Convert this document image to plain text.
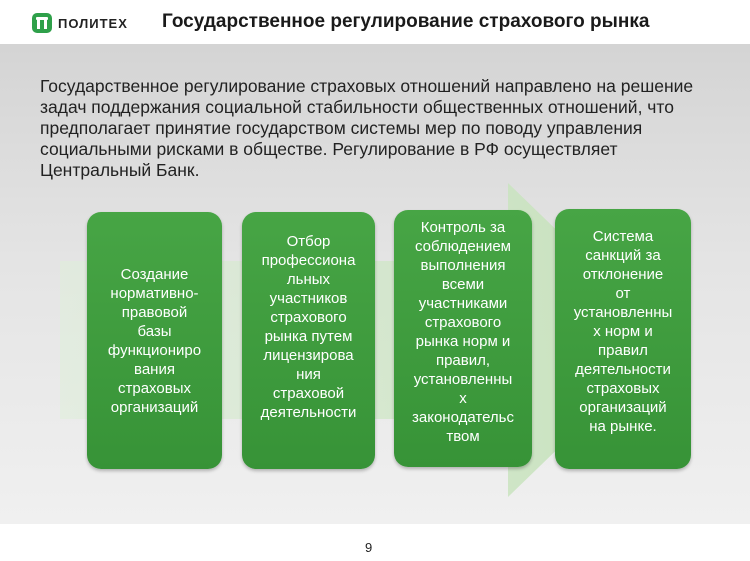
ПОЛИТЕХ Государственное регулирование страхового рынка

Государственное регулирование страховых отношений направлено на решение задач поддержания социальной стабильности общественных отношений, что предполагает принятие государством системы мер по поводу управления социальными рисками в обществе. Регулирование в РФ осуществляет Центральный Банк.

Создание
нормативно-
правовой
базы
функциониро
вания
страховых
организаций
Отбор
профессиона
льных
участников
страхового
рынка путем
лицензирова
ния
страховой
деятельности
Контроль за
соблюдением
выполнения
всеми
участниками
страхового
рынка норм и
правил,
установленны
х
законодательс
твом
Система
санкций за
отклонение
от
установленны
х норм и
правил
деятельности
страховых
организаций
на рынке.
9
